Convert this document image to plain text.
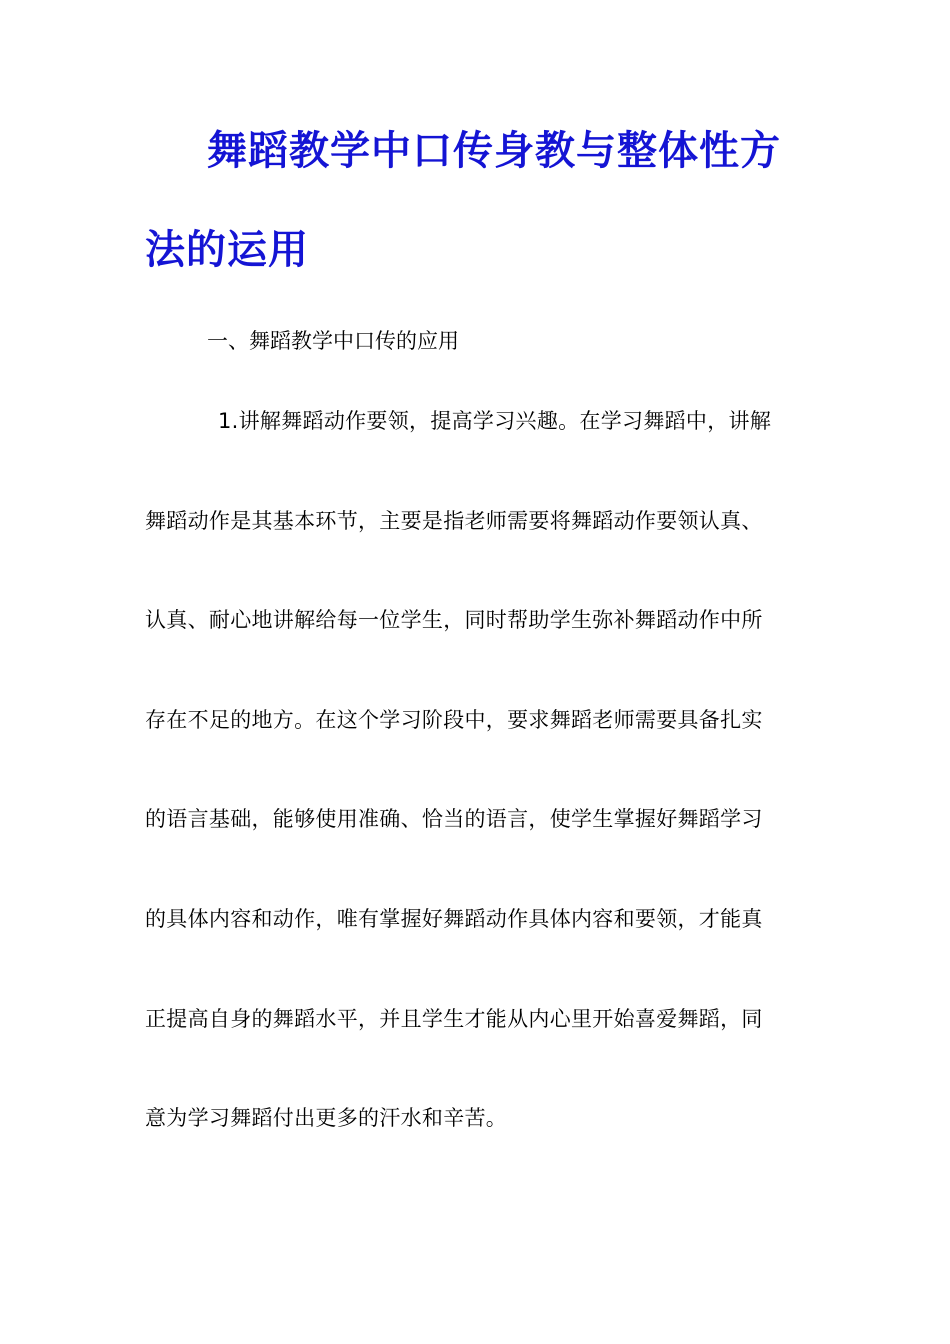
舞蹈教学中口传身教与整体性方
法的运用
一、舞蹈教学中口传的应用
1.讲解舞蹈动作要领，提高学习兴趣。在学习舞蹈中，讲解
舞蹈动作是其基本环节，主要是指老师需要将舞蹈动作要领认真、
认真、耐心地讲解给每一位学生，同时帮助学生弥补舞蹈动作中所
存在不足的地方。在这个学习阶段中，要求舞蹈老师需要具备扎实
的语言基础，能够使用准确、恰当的语言，使学生掌握好舞蹈学习
的具体内容和动作，唯有掌握好舞蹈动作具体内容和要领，才能真
正提高自身的舞蹈水平，并且学生才能从内心里开始喜爱舞蹈，同
意为学习舞蹈付出更多的汗水和辛苦。
